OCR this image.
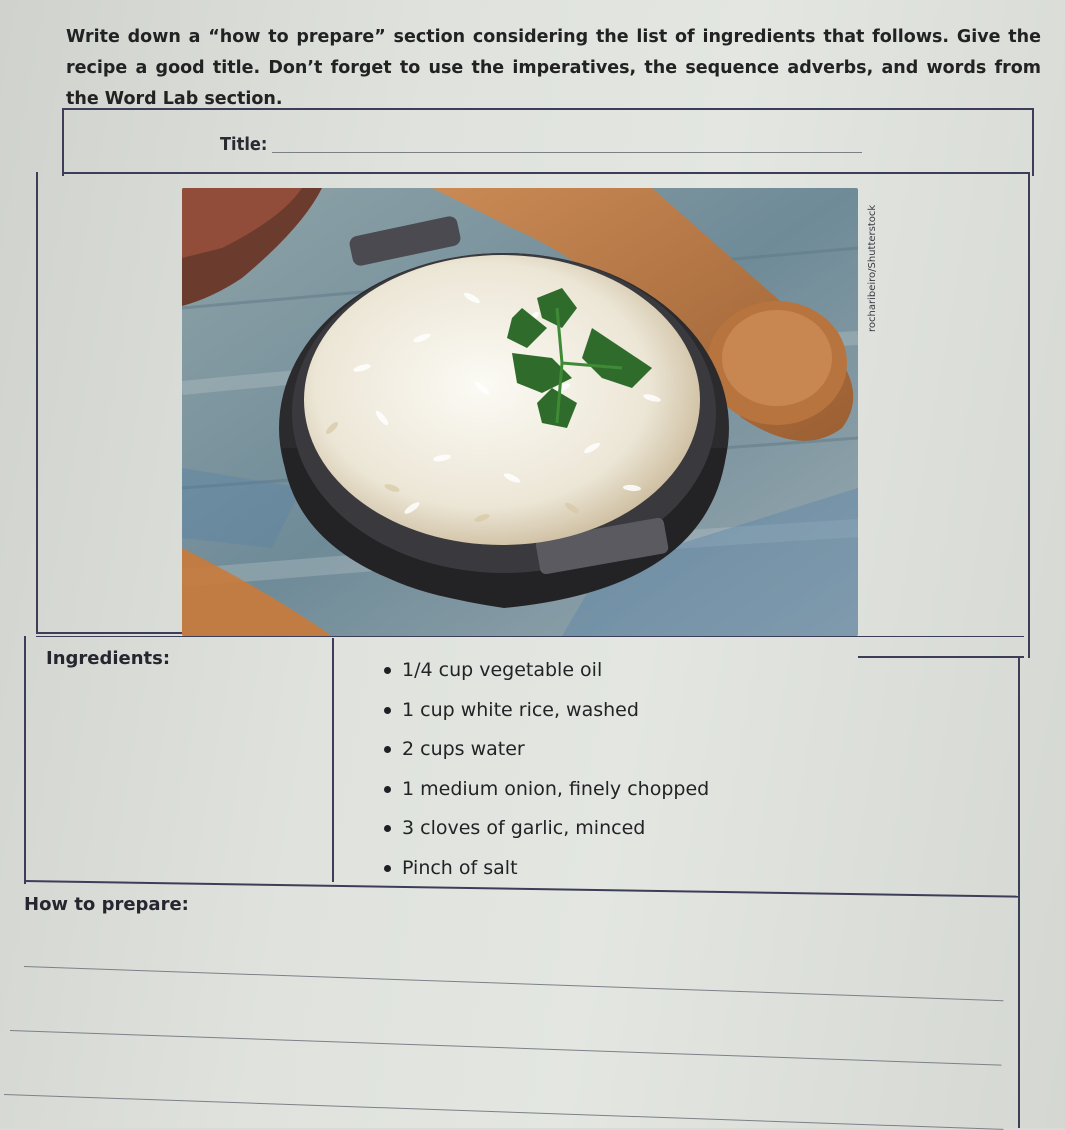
Write down a “how to prepare” section considering the list of ingredients that follows. Give the recipe a good title. Don’t forget to use the imperatives, the sequence adverbs, and words from the Word Lab section.
Title:
rocharibeiro/Shutterstock
Ingredients:
1/4 cup vegetable oil
1 cup white rice, washed
2 cups water
1 medium onion, finely chopped
3 cloves of garlic, minced
Pinch of salt
How to prepare:
